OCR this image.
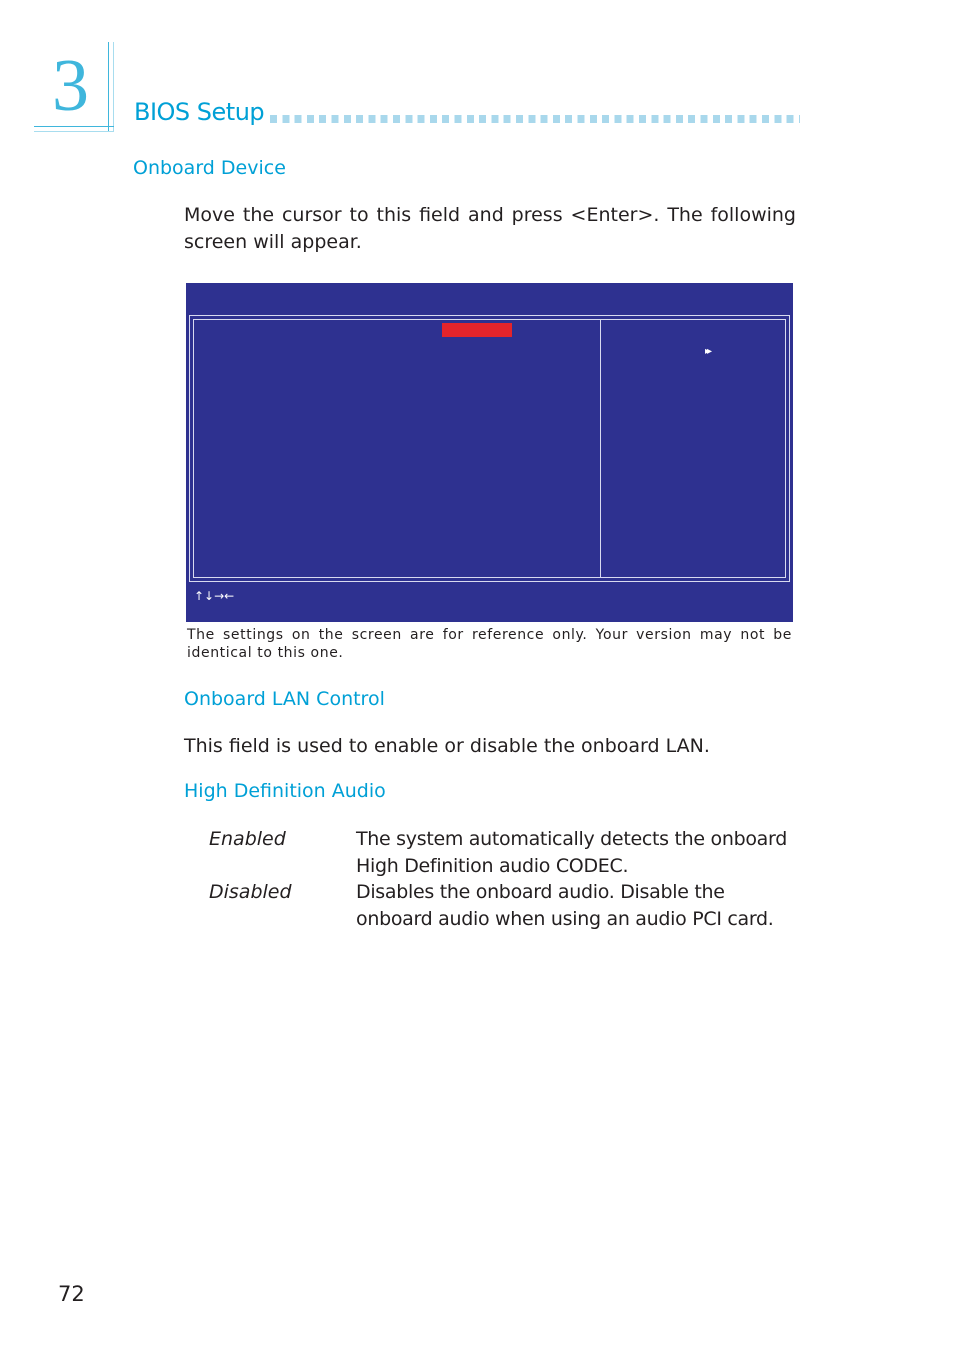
3 BIOS Setup
Onboard Device
Move the cursor to this field and press <Enter>. The following screen will appear.
▸▸
↑↓→←
The settings on the screen are for reference only. Your version may not be identical to this one.
Onboard LAN Control
This field is used to enable or disable the onboard LAN.
High Definition Audio
Enabled	The system automatically detects the onboard High Definition audio CODEC.
Disabled	Disables the onboard audio. Disable the onboard audio when using an audio PCI card.
72
